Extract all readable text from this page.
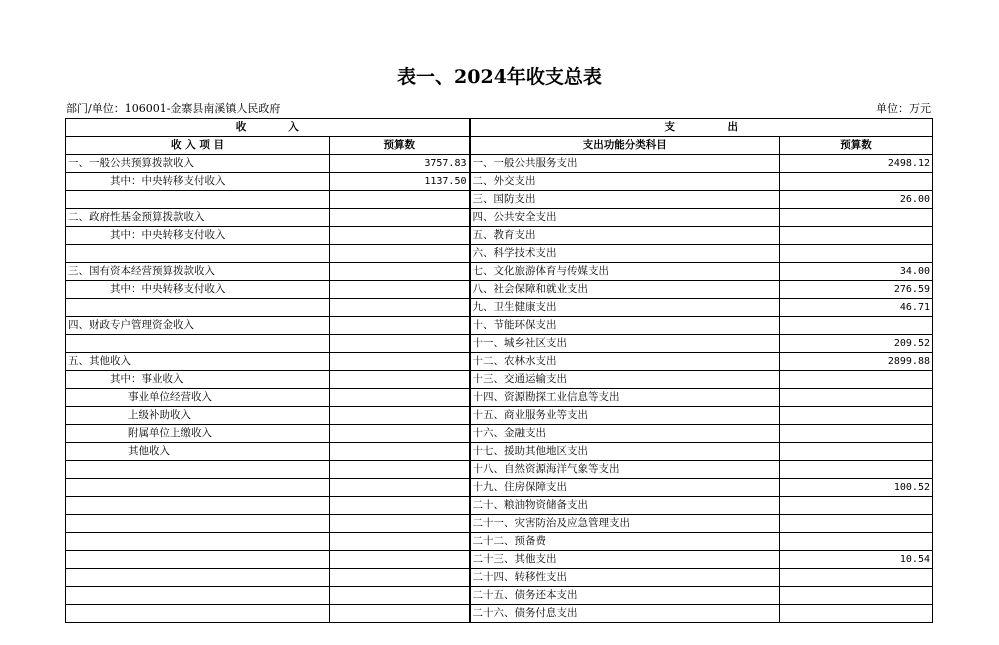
表一、2024年收支总表
部门/单位：106001-金寨县南溪镇人民政府	单位：万元
收　　　　入		支　　　　　出	
收 入 项 目	预算数	支出功能分类科目	预算数
一、一般公共预算拨款收入	3757.83	一、一般公共服务支出	2498.12
其中：中央转移支付收入	1137.50	二、外交支出	
		三、国防支出	26.00
二、政府性基金预算拨款收入		四、公共安全支出	
其中：中央转移支付收入		五、教育支出	
		六、科学技术支出	
三、国有资本经营预算拨款收入		七、文化旅游体育与传媒支出	34.00
其中：中央转移支付收入		八、社会保障和就业支出	276.59
		九、卫生健康支出	46.71
四、财政专户管理资金收入		十、节能环保支出	
		十一、城乡社区支出	209.52
五、其他收入		十二、农林水支出	2899.88
其中：事业收入		十三、交通运输支出	
事业单位经营收入		十四、资源勘探工业信息等支出	
上级补助收入		十五、商业服务业等支出	
附属单位上缴收入		十六、金融支出	
其他收入		十七、援助其他地区支出	
		十八、自然资源海洋气象等支出	
		十九、住房保障支出	100.52
		二十、粮油物资储备支出	
		二十一、灾害防治及应急管理支出	
		二十二、预备费	
		二十三、其他支出	10.54
		二十四、转移性支出	
		二十五、债务还本支出	
		二十六、债务付息支出	
